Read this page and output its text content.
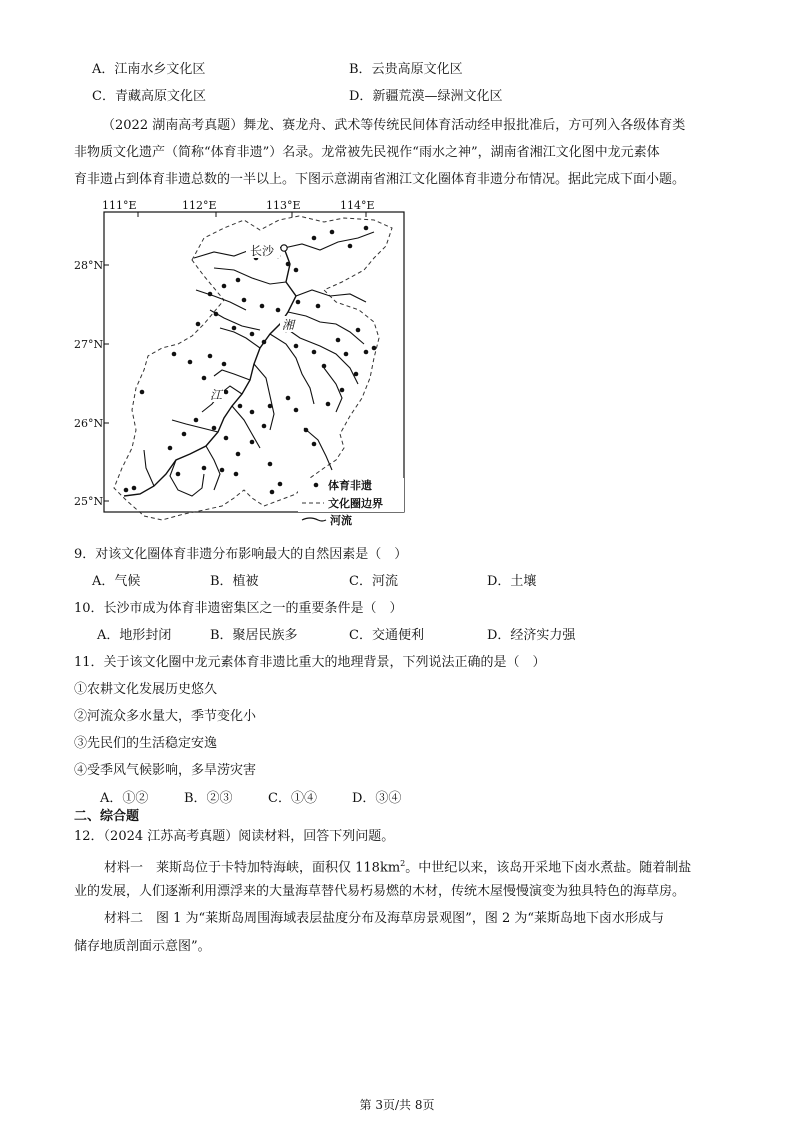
A．江南水乡文化区	B．云贵高原文化区
C．青藏高原文化区	D．新疆荒漠—绿洲文化区
（2022 湖南高考真题）舞龙、赛龙舟、武术等传统民间体育活动经申报批准后，方可列入各级体育类
非物质文化遗产（简称“体育非遗”）名录。龙常被先民视作“雨水之神”，湖南省湘江文化图中龙元素体
育非遗占到体育非遗总数的一半以上。下图示意湖南省湘江文化圈体育非遗分布情况。据此完成下面小题。
111°E	112°E	113°E	114°E
28°N
27°N
26°N
25°N
长沙
湘
江
体育非遗
文化圈边界
河流
9．对该文化圈体育非遗分布影响最大的自然因素是（　）
A．气候	B．植被	C．河流	D．土壤
10．长沙市成为体育非遗密集区之一的重要条件是（　）
A．地形封闭	B．聚居民族多	C．交通便利	D．经济实力强
11．关于该文化圈中龙元素体育非遗比重大的地理背景，下列说法正确的是（　）
①农耕文化发展历史悠久
②河流众多水量大，季节变化小
③先民们的生活稳定安逸
④受季风气候影响，多旱涝灾害
A．①②	B．②③	C．①④	D．③④
二、综合题
12．（2024 江苏高考真题）阅读材料，回答下列问题。
材料一　莱斯岛位于卡特加特海峡，面积仅 $118km^2$。中世纪以来，该岛开采地下卤水煮盐。随着制盐
业的发展，人们逐渐利用漂浮来的大量海草替代易朽易燃的木材，传统木屋慢慢演变为独具特色的海草房。
材料二　图 1 为“莱斯岛周围海域表层盐度分布及海草房景观图”，图 2 为“莱斯岛地下卤水形成与
储存地质剖面示意图”。
第 3页/共 8页
